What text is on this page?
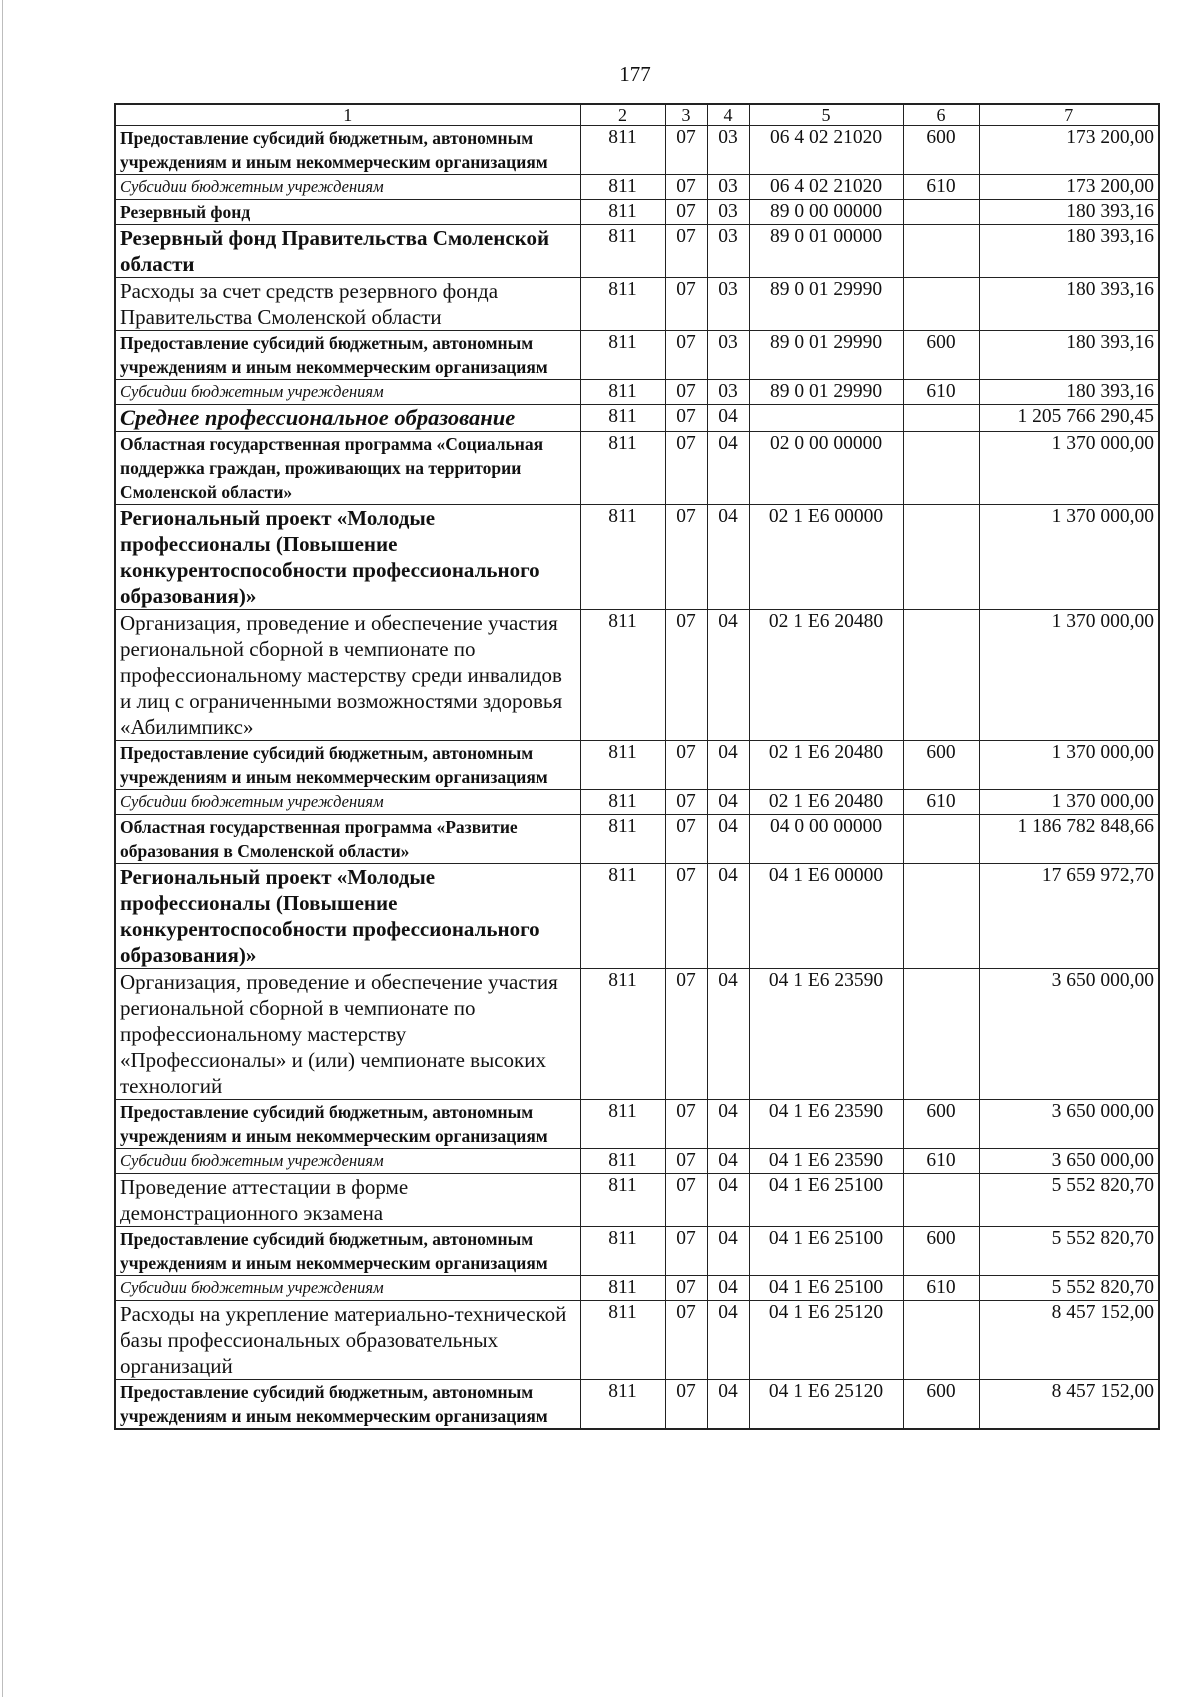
177
1	2	3	4	5	6	7
Предоставление субсидий бюджетным, автономным учреждениям и иным некоммерческим организациям	811	07	03	06 4 02 21020	600	173 200,00
Субсидии бюджетным учреждениям	811	07	03	06 4 02 21020	610	173 200,00
Резервный фонд	811	07	03	89 0 00 00000		180 393,16
Резервный фонд Правительства Смоленской области	811	07	03	89 0 01 00000		180 393,16
Расходы за счет средств резервного фонда Правительства Смоленской области	811	07	03	89 0 01 29990		180 393,16
Предоставление субсидий бюджетным, автономным учреждениям и иным некоммерческим организациям	811	07	03	89 0 01 29990	600	180 393,16
Субсидии бюджетным учреждениям	811	07	03	89 0 01 29990	610	180 393,16
Среднее профессиональное образование	811	07	04			1 205 766 290,45
Областная государственная программа «Социальная поддержка граждан, проживающих на территории Смоленской области»	811	07	04	02 0 00 00000		1 370 000,00
Региональный проект «Молодые профессионалы (Повышение конкурентоспособности профессионального образования)»	811	07	04	02 1 Е6 00000		1 370 000,00
Организация, проведение и обеспечение участия региональной сборной в чемпионате по профессиональному мастерству среди инвалидов и лиц с ограниченными возможностями здоровья «Абилимпикс»	811	07	04	02 1 Е6 20480		1 370 000,00
Предоставление субсидий бюджетным, автономным учреждениям и иным некоммерческим организациям	811	07	04	02 1 Е6 20480	600	1 370 000,00
Субсидии бюджетным учреждениям	811	07	04	02 1 Е6 20480	610	1 370 000,00
Областная государственная программа «Развитие образования в Смоленской области»	811	07	04	04 0 00 00000		1 186 782 848,66
Региональный проект «Молодые профессионалы (Повышение конкурентоспособности профессионального образования)»	811	07	04	04 1 Е6 00000		17 659 972,70
Организация, проведение и обеспечение участия региональной сборной в чемпионате по профессиональному мастерству «Профессионалы» и (или) чемпионате высоких технологий	811	07	04	04 1 Е6 23590		3 650 000,00
Предоставление субсидий бюджетным, автономным учреждениям и иным некоммерческим организациям	811	07	04	04 1 Е6 23590	600	3 650 000,00
Субсидии бюджетным учреждениям	811	07	04	04 1 Е6 23590	610	3 650 000,00
Проведение аттестации в форме демонстрационного экзамена	811	07	04	04 1 Е6 25100		5 552 820,70
Предоставление субсидий бюджетным, автономным учреждениям и иным некоммерческим организациям	811	07	04	04 1 Е6 25100	600	5 552 820,70
Субсидии бюджетным учреждениям	811	07	04	04 1 Е6 25100	610	5 552 820,70
Расходы на укрепление материально-технической базы профессиональных образовательных организаций	811	07	04	04 1 Е6 25120		8 457 152,00
Предоставление субсидий бюджетным, автономным учреждениям и иным некоммерческим организациям	811	07	04	04 1 Е6 25120	600	8 457 152,00
